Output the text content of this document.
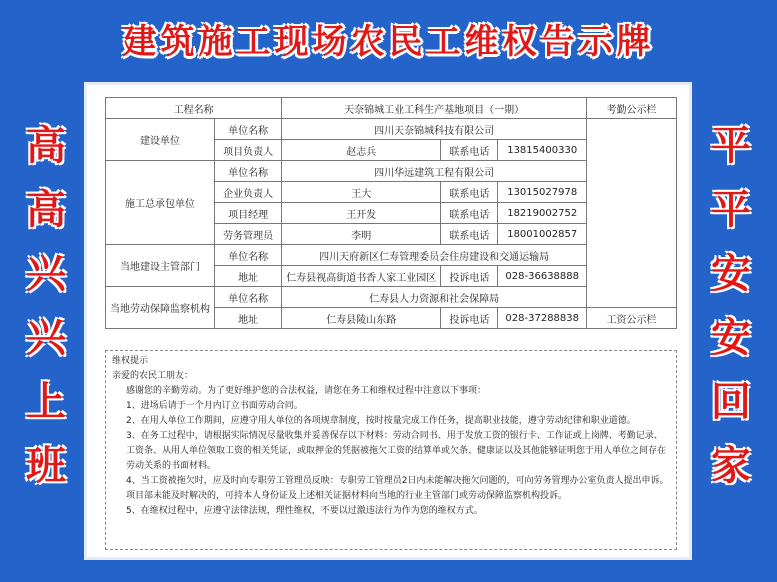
建筑施工现场农民工维权告示牌
高
高
兴
兴
上
班
平
平
安
安
回
家
工程名称		天奈锦城工业工科生产基地项目（一期）			考勤公示栏
建设单位	单位名称	四川天奈锦城科技有限公司			
	项目负责人	赵志兵	联系电话	13815400330	
施工总承包单位	单位名称	四川华远建筑工程有限公司			
	企业负责人	王大	联系电话	13015027978	
	项目经理	王开发	联系电话	18219002752	
	劳务管理员	李明	联系电话	18001002857	
当地建设主管部门	单位名称	四川天府新区仁寿管理委员会住房建设和交通运输局			
	地址	仁寿县视高街道书香人家工业园区	投诉电话	028-36638888	
当地劳动保障监察机构	单位名称	仁寿县人力资源和社会保障局			
	地址	仁寿县陵山东路	投诉电话	028-37288838	工资公示栏

维权提示

亲爱的农民工朋友：

感谢您的辛勤劳动。为了更好维护您的合法权益，请您在务工和维权过程中注意以下事项：

1、进场后请于一个月内订立书面劳动合同。

2、在用人单位工作期间，应遵守用人单位的各项规章制度，按时按量完成工作任务，提高职业技能，遵守劳动纪律和职业道德。

3、在务工过程中，请根据实际情况尽量收集并妥善保存以下材料：劳动合同书、用于发放工资的银行卡、工作证或上岗牌、考勤记录、工资条、从用人单位领取工资的相关凭证，或取押金的凭据被拖欠工资的结算单或欠条、健康证以及其他能够证明您于用人单位之间存在劳动关系的书面材料。

4、当工资被拖欠时，应及时向专职劳工管理员反映：专职劳工管理员2日内未能解决拖欠问题的，可向劳务管理办公室负责人提出申诉。项目部未能及时解决的，可持本人身份证及上述相关证据材料向当地的行业主管部门或劳动保障监察机构投诉。

5、在维权过程中，应遵守法律法规，理性维权，不要以过激违法行为作为您的维权方式。
